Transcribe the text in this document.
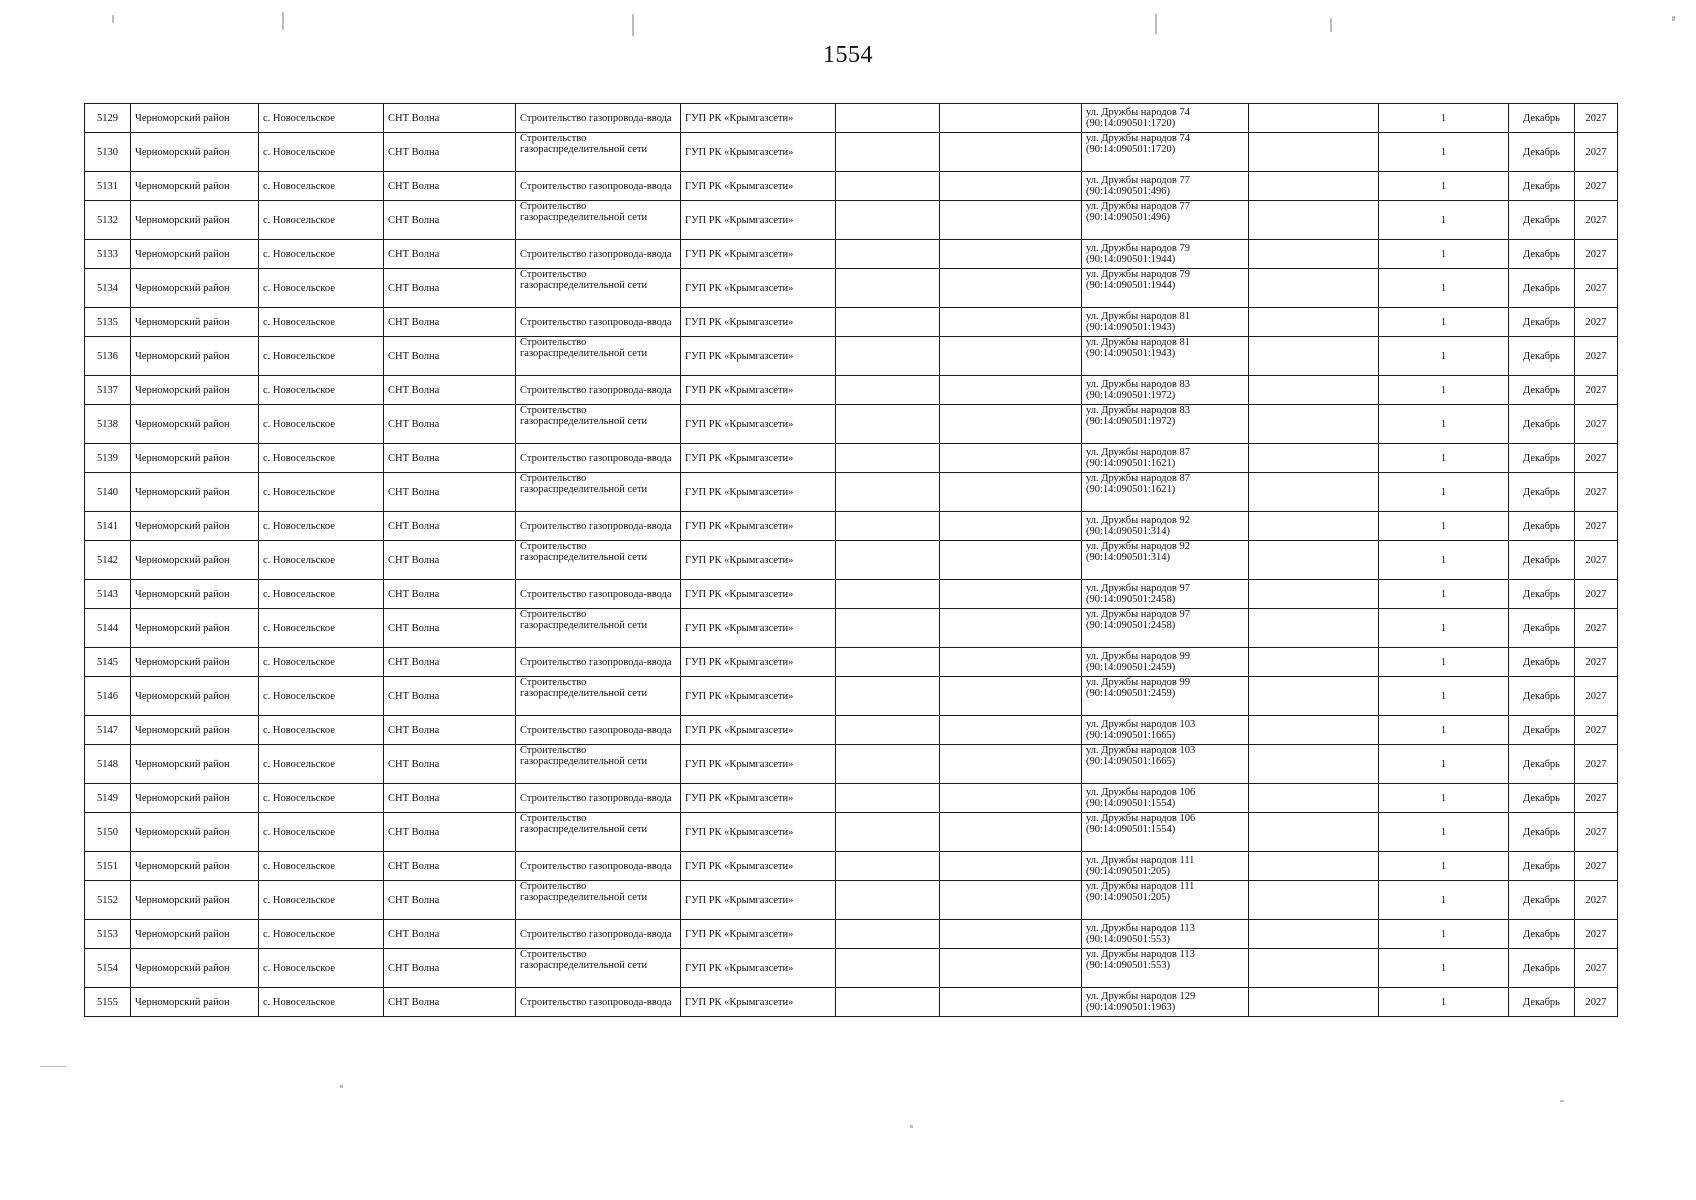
1554
5129	Черноморский район	с. Новосельское	СНТ Волна	Строительство газопровода-ввода	ГУП РК «Крымгазсети»			ул. Дружбы народов 74 (90:14:090501:1720)		1	Декабрь	2027
5130	Черноморский район	с. Новосельское	СНТ Волна	Строительство газораспределительной сети	ГУП РК «Крымгазсети»			ул. Дружбы народов 74 (90:14:090501:1720)		1	Декабрь	2027
5131	Черноморский район	с. Новосельское	СНТ Волна	Строительство газопровода-ввода	ГУП РК «Крымгазсети»			ул. Дружбы народов 77 (90:14:090501:496)		1	Декабрь	2027
5132	Черноморский район	с. Новосельское	СНТ Волна	Строительство газораспределительной сети	ГУП РК «Крымгазсети»			ул. Дружбы народов 77 (90:14:090501:496)		1	Декабрь	2027
5133	Черноморский район	с. Новосельское	СНТ Волна	Строительство газопровода-ввода	ГУП РК «Крымгазсети»			ул. Дружбы народов 79 (90:14:090501:1944)		1	Декабрь	2027
5134	Черноморский район	с. Новосельское	СНТ Волна	Строительство газораспределительной сети	ГУП РК «Крымгазсети»			ул. Дружбы народов 79 (90:14:090501:1944)		1	Декабрь	2027
5135	Черноморский район	с. Новосельское	СНТ Волна	Строительство газопровода-ввода	ГУП РК «Крымгазсети»			ул. Дружбы народов 81 (90:14:090501:1943)		1	Декабрь	2027
5136	Черноморский район	с. Новосельское	СНТ Волна	Строительство газораспределительной сети	ГУП РК «Крымгазсети»			ул. Дружбы народов 81 (90:14:090501:1943)		1	Декабрь	2027
5137	Черноморский район	с. Новосельское	СНТ Волна	Строительство газопровода-ввода	ГУП РК «Крымгазсети»			ул. Дружбы народов 83 (90:14:090501:1972)		1	Декабрь	2027
5138	Черноморский район	с. Новосельское	СНТ Волна	Строительство газораспределительной сети	ГУП РК «Крымгазсети»			ул. Дружбы народов 83 (90:14:090501:1972)		1	Декабрь	2027
5139	Черноморский район	с. Новосельское	СНТ Волна	Строительство газопровода-ввода	ГУП РК «Крымгазсети»			ул. Дружбы народов 87 (90:14:090501:1621)		1	Декабрь	2027
5140	Черноморский район	с. Новосельское	СНТ Волна	Строительство газораспределительной сети	ГУП РК «Крымгазсети»			ул. Дружбы народов 87 (90:14:090501:1621)		1	Декабрь	2027
5141	Черноморский район	с. Новосельское	СНТ Волна	Строительство газопровода-ввода	ГУП РК «Крымгазсети»			ул. Дружбы народов 92 (90:14:090501:314)		1	Декабрь	2027
5142	Черноморский район	с. Новосельское	СНТ Волна	Строительство газораспределительной сети	ГУП РК «Крымгазсети»			ул. Дружбы народов 92 (90:14:090501:314)		1	Декабрь	2027
5143	Черноморский район	с. Новосельское	СНТ Волна	Строительство газопровода-ввода	ГУП РК «Крымгазсети»			ул. Дружбы народов 97 (90:14:090501:2458)		1	Декабрь	2027
5144	Черноморский район	с. Новосельское	СНТ Волна	Строительство газораспределительной сети	ГУП РК «Крымгазсети»			ул. Дружбы народов 97 (90:14:090501:2458)		1	Декабрь	2027
5145	Черноморский район	с. Новосельское	СНТ Волна	Строительство газопровода-ввода	ГУП РК «Крымгазсети»			ул. Дружбы народов 99 (90:14:090501:2459)		1	Декабрь	2027
5146	Черноморский район	с. Новосельское	СНТ Волна	Строительство газораспределительной сети	ГУП РК «Крымгазсети»			ул. Дружбы народов 99 (90:14:090501:2459)		1	Декабрь	2027
5147	Черноморский район	с. Новосельское	СНТ Волна	Строительство газопровода-ввода	ГУП РК «Крымгазсети»			ул. Дружбы народов 103 (90:14:090501:1665)		1	Декабрь	2027
5148	Черноморский район	с. Новосельское	СНТ Волна	Строительство газораспределительной сети	ГУП РК «Крымгазсети»			ул. Дружбы народов 103 (90:14:090501:1665)		1	Декабрь	2027
5149	Черноморский район	с. Новосельское	СНТ Волна	Строительство газопровода-ввода	ГУП РК «Крымгазсети»			ул. Дружбы народов 106 (90:14:090501:1554)		1	Декабрь	2027
5150	Черноморский район	с. Новосельское	СНТ Волна	Строительство газораспределительной сети	ГУП РК «Крымгазсети»			ул. Дружбы народов 106 (90:14:090501:1554)		1	Декабрь	2027
5151	Черноморский район	с. Новосельское	СНТ Волна	Строительство газопровода-ввода	ГУП РК «Крымгазсети»			ул. Дружбы народов 111 (90:14:090501:205)		1	Декабрь	2027
5152	Черноморский район	с. Новосельское	СНТ Волна	Строительство газораспределительной сети	ГУП РК «Крымгазсети»			ул. Дружбы народов 111 (90:14:090501:205)		1	Декабрь	2027
5153	Черноморский район	с. Новосельское	СНТ Волна	Строительство газопровода-ввода	ГУП РК «Крымгазсети»			ул. Дружбы народов 113 (90:14:090501:553)		1	Декабрь	2027
5154	Черноморский район	с. Новосельское	СНТ Волна	Строительство газораспределительной сети	ГУП РК «Крымгазсети»			ул. Дружбы народов 113 (90:14:090501:553)		1	Декабрь	2027
5155	Черноморский район	с. Новосельское	СНТ Волна	Строительство газопровода-ввода	ГУП РК «Крымгазсети»			ул. Дружбы народов 129 (90:14:090501:1963)		1	Декабрь	2027
